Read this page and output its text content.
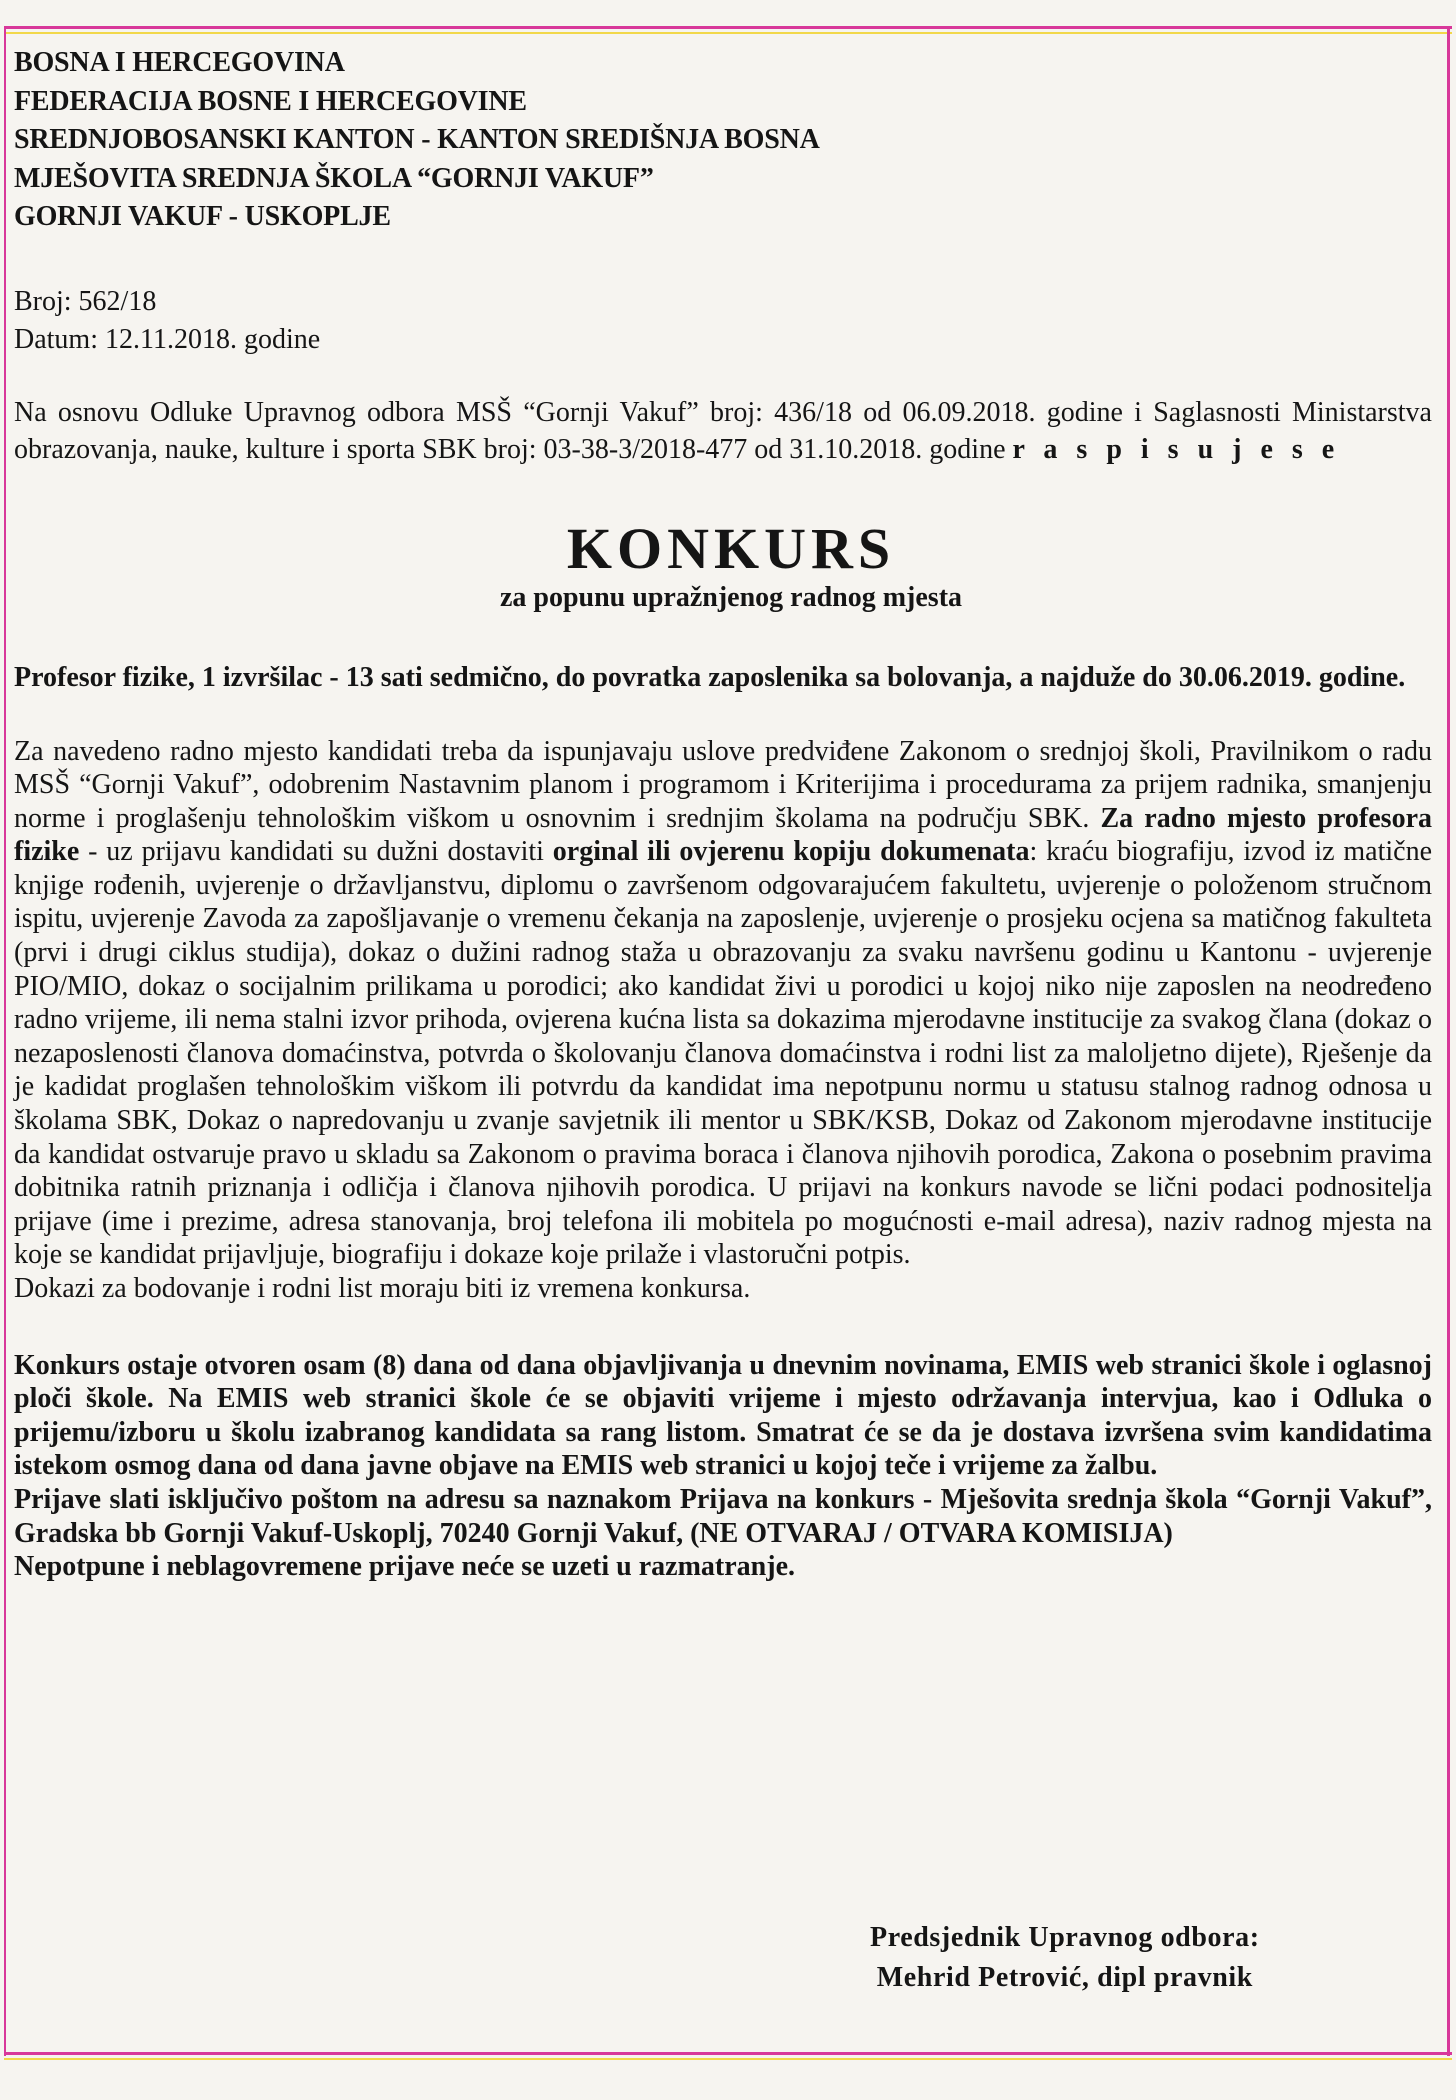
BOSNA I HERCEGOVINA
FEDERACIJA BOSNE I HERCEGOVINE
SREDNJOBOSANSKI KANTON - KANTON SREDIŠNJA BOSNA
MJEŠOVITA SREDNJA ŠKOLA “GORNJI VAKUF”
GORNJI VAKUF - USKOPLJE
Broj: 562/18
Datum: 12.11.2018. godine
Na osnovu Odluke Upravnog odbora MSŠ “Gornji Vakuf” broj: 436/18 od 06.09.2018. godine i Saglasnosti Ministarstva obrazovanja, nauke, kulture i sporta SBK broj: 03-38-3/2018-477 od 31.10.2018. godine r a s p i s u j e s e
KONKURS
za popunu upražnjenog radnog mjesta
Profesor fizike, 1 izvršilac - 13 sati sedmično, do povratka zaposlenika sa bolovanja, a najduže do 30.06.2019. godine.
Za navedeno radno mjesto kandidati treba da ispunjavaju uslove predviđene Zakonom o srednjoj školi, Pravilnikom o radu MSŠ “Gornji Vakuf”, odobrenim Nastavnim planom i programom i Kriterijima i procedurama za prijem radnika, smanjenju norme i proglašenju tehnološkim viškom u osnovnim i srednjim školama na području SBK. Za radno mjesto profesora fizike - uz prijavu kandidati su dužni dostaviti orginal ili ovjerenu kopiju dokumenata: kraću biografiju, izvod iz matične knjige rođenih, uvjerenje o državljanstvu, diplomu o završenom odgovarajućem fakultetu, uvjerenje o položenom stručnom ispitu, uvjerenje Zavoda za zapošljavanje o vremenu čekanja na zaposlenje, uvjerenje o prosjeku ocjena sa matičnog fakulteta (prvi i drugi ciklus studija), dokaz o dužini radnog staža u obrazovanju za svaku navršenu godinu u Kantonu - uvjerenje PIO/MIO, dokaz o socijalnim prilikama u porodici; ako kandidat živi u porodici u kojoj niko nije zaposlen na neodređeno radno vrijeme, ili nema stalni izvor prihoda, ovjerena kućna lista sa dokazima mjerodavne institucije za svakog člana (dokaz o nezaposlenosti članova domaćinstva, potvrda o školovanju članova domaćinstva i rodni list za maloljetno dijete), Rješenje da je kadidat proglašen tehnološkim viškom ili potvrdu da kandidat ima nepotpunu normu u statusu stalnog radnog odnosa u školama SBK, Dokaz o napredovanju u zvanje savjetnik ili mentor u SBK/KSB, Dokaz od Zakonom mjerodavne institucije da kandidat ostvaruje pravo u skladu sa Zakonom o pravima boraca i članova njihovih porodica, Zakona o posebnim pravima dobitnika ratnih priznanja i odličja i članova njihovih porodica. U prijavi na konkurs navode se lični podaci podnositelja prijave (ime i prezime, adresa stanovanja, broj telefona ili mobitela po mogućnosti e-mail adresa), naziv radnog mjesta na koje se kandidat prijavljuje, biografiju i dokaze koje prilaže i vlastoručni potpis.
Dokazi za bodovanje i rodni list moraju biti iz vremena konkursa.
Konkurs ostaje otvoren osam (8) dana od dana objavljivanja u dnevnim novinama, EMIS web stranici škole i oglasnoj ploči škole. Na EMIS web stranici škole će se objaviti vrijeme i mjesto održavanja intervjua, kao i Odluka o prijemu/izboru u školu izabranog kandidata sa rang listom. Smatrat će se da je dostava izvršena svim kandidatima istekom osmog dana od dana javne objave na EMIS web stranici u kojoj teče i vrijeme za žalbu.
Prijave slati isključivo poštom na adresu sa naznakom Prijava na konkurs - Mješovita srednja škola “Gornji Vakuf”, Gradska bb Gornji Vakuf-Uskoplj, 70240 Gornji Vakuf, (NE OTVARAJ / OTVARA KOMISIJA)
Nepotpune i neblagovremene prijave neće se uzeti u razmatranje.
Predsjednik Upravnog odbora:
Mehrid Petrović, dipl pravnik
